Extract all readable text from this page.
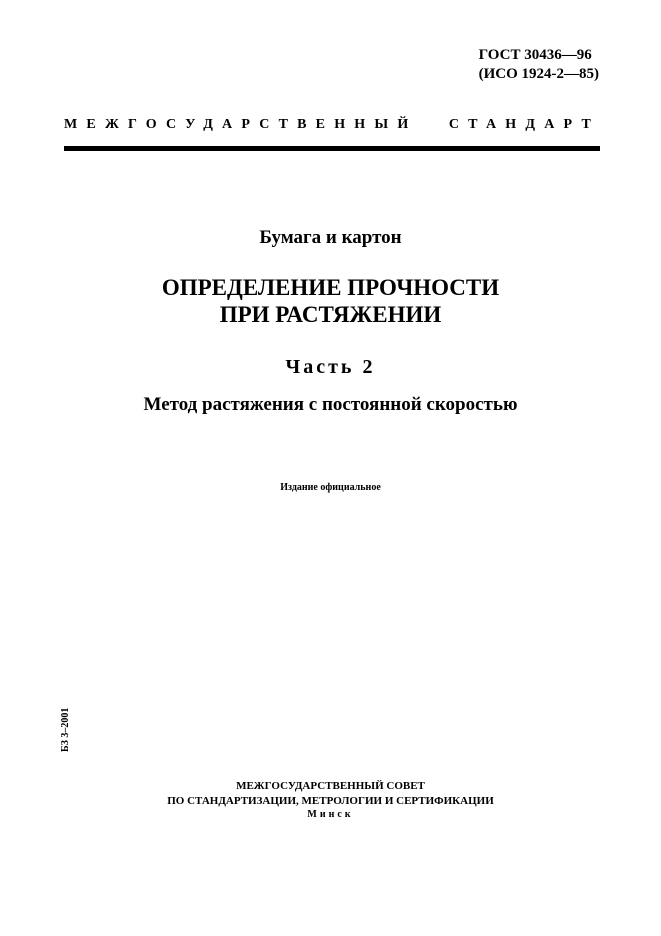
ГОСТ 30436—96
(ИСО 1924-2—85)
МЕЖГОСУДАРСТВЕННЫЙ СТАНДАРТ
Бумага и картон
ОПРЕДЕЛЕНИЕ ПРОЧНОСТИ
ПРИ РАСТЯЖЕНИИ
Часть 2
Метод растяжения с постоянной скоростью
Издание официальное
БЗ 3–2001
МЕЖГОСУДАРСТВЕННЫЙ СОВЕТ
ПО СТАНДАРТИЗАЦИИ, МЕТРОЛОГИИ И СЕРТИФИКАЦИИ
Минск
